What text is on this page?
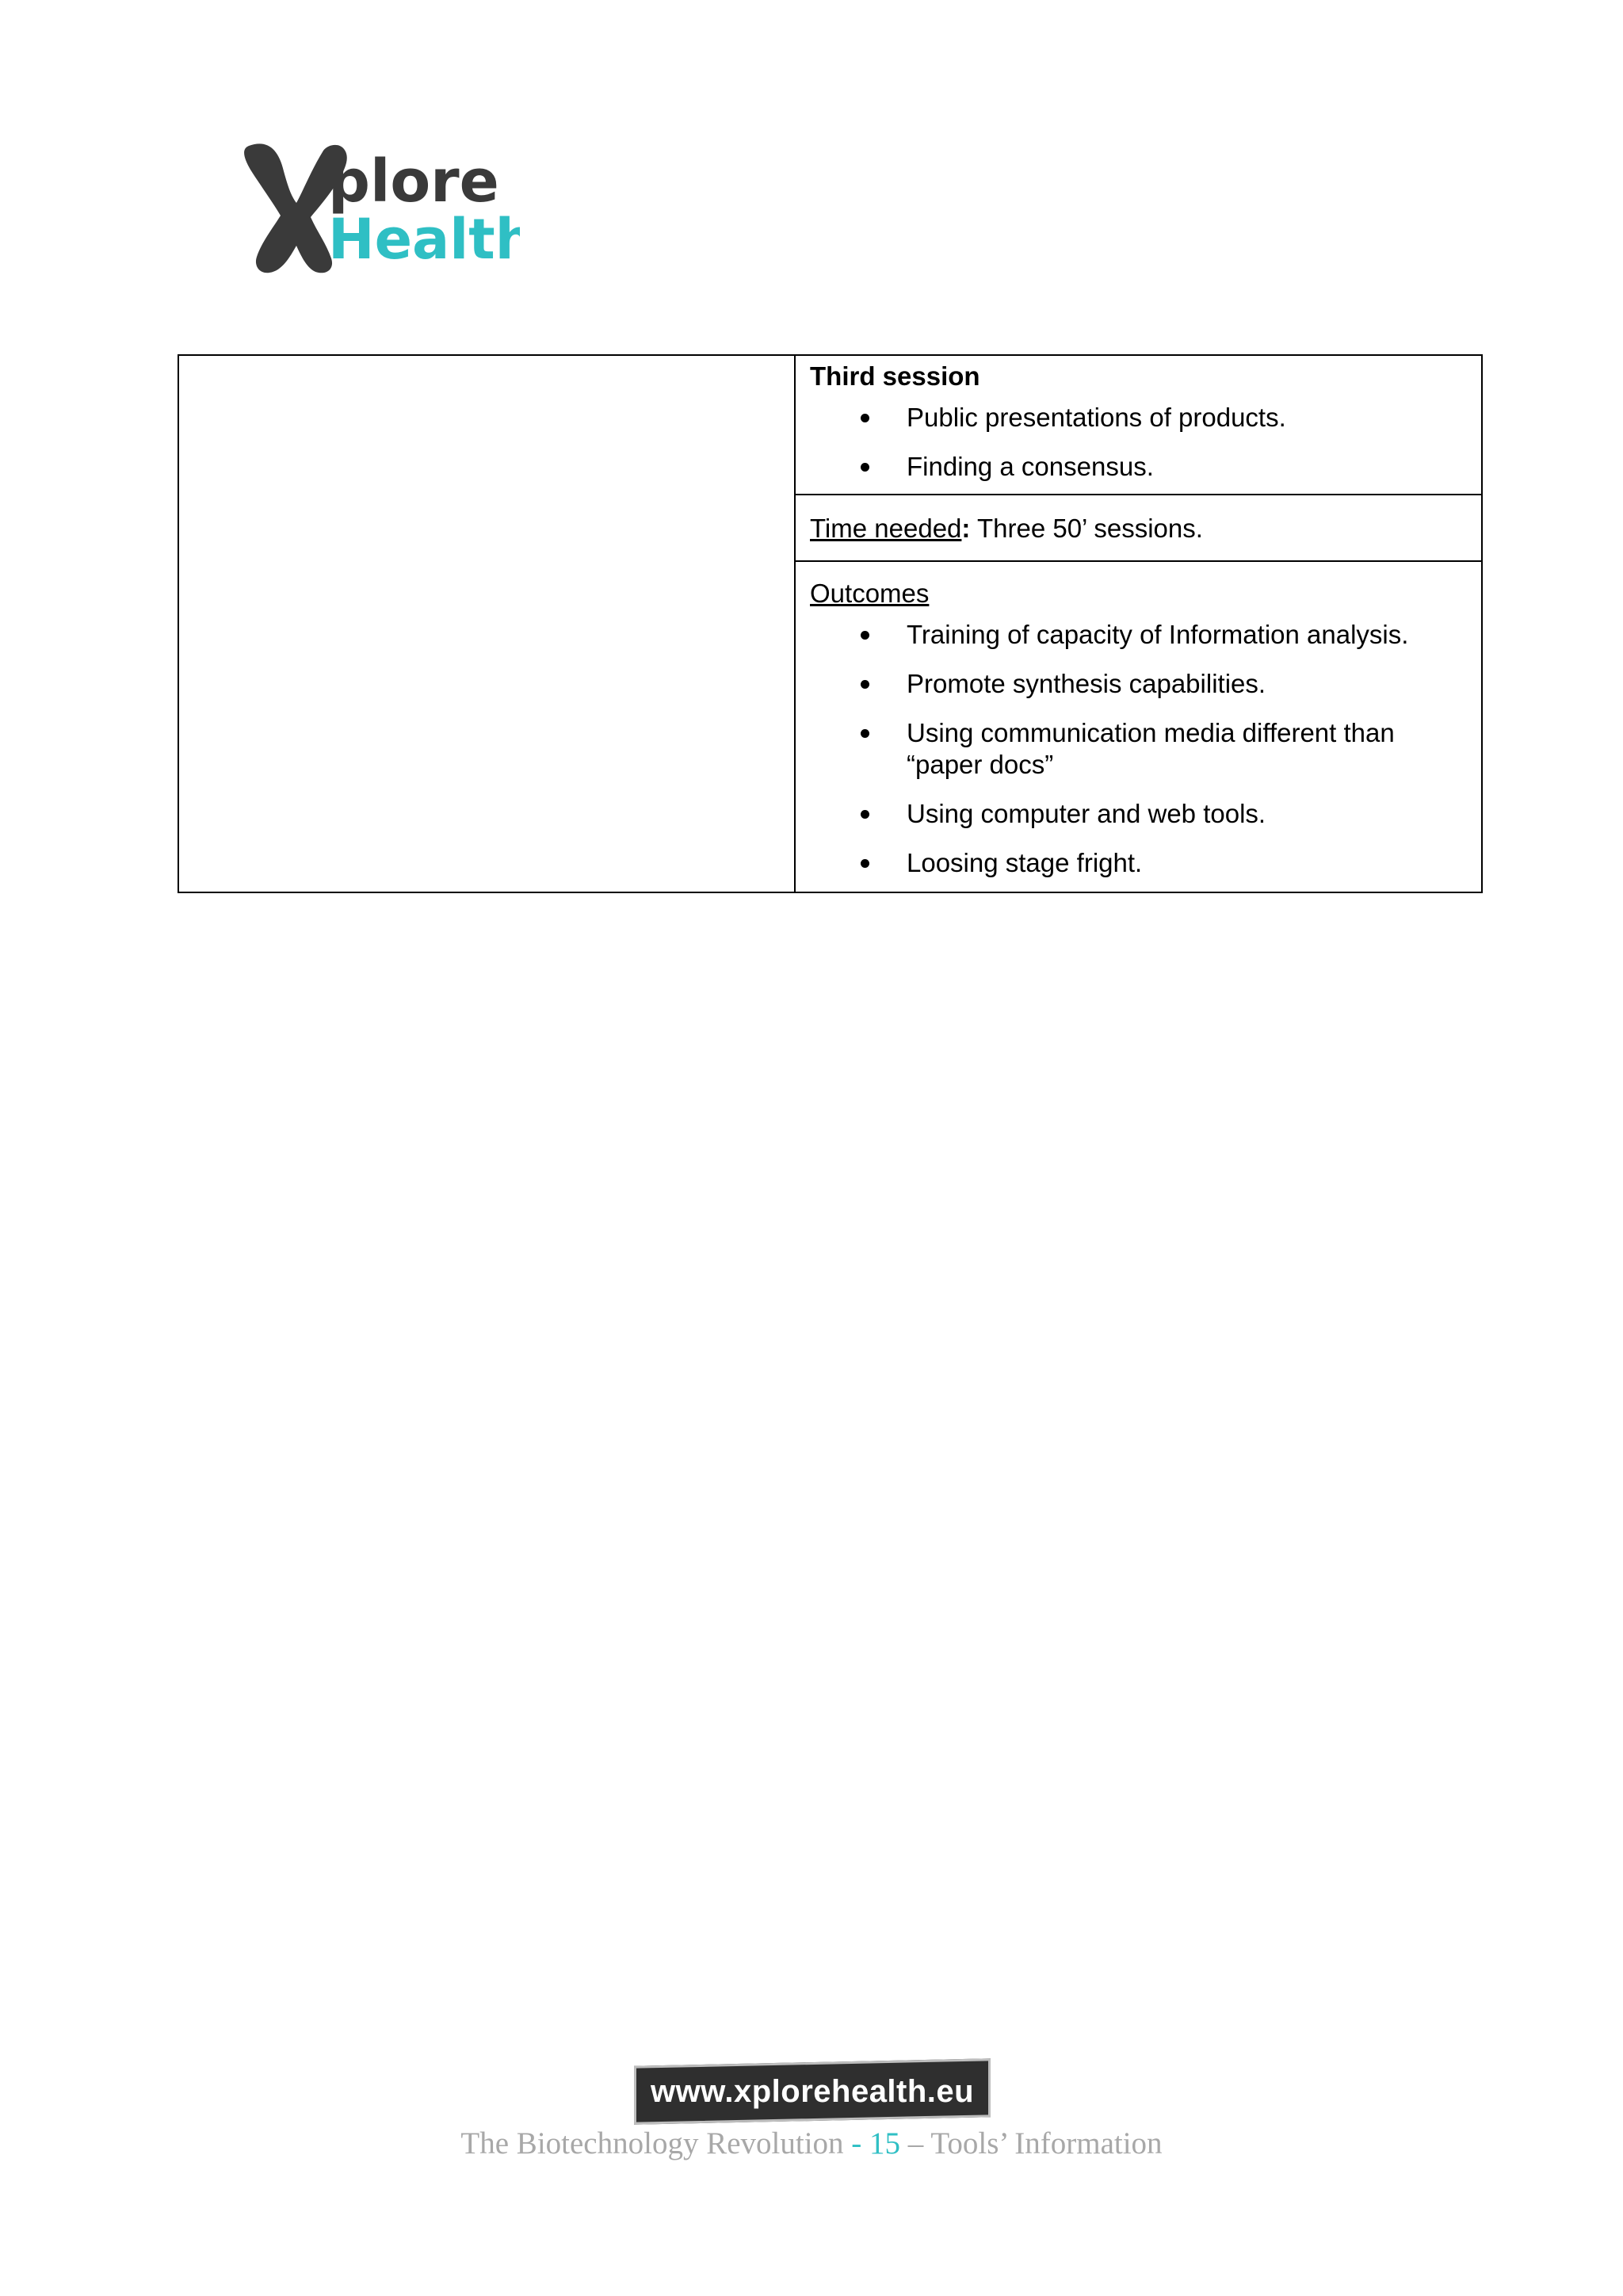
plore
Health

Third session
Public presentations of products.
Finding a consensus.

Time needed: Three 50’ sessions.

Outcomes
Training of capacity of Information analysis.
Promote synthesis capabilities.
Using communication media different than “paper docs”
Using computer and web tools.
Loosing stage fright.
www.xplorehealth.eu
The Biotechnology Revolution - 15 – Tools’ Information
